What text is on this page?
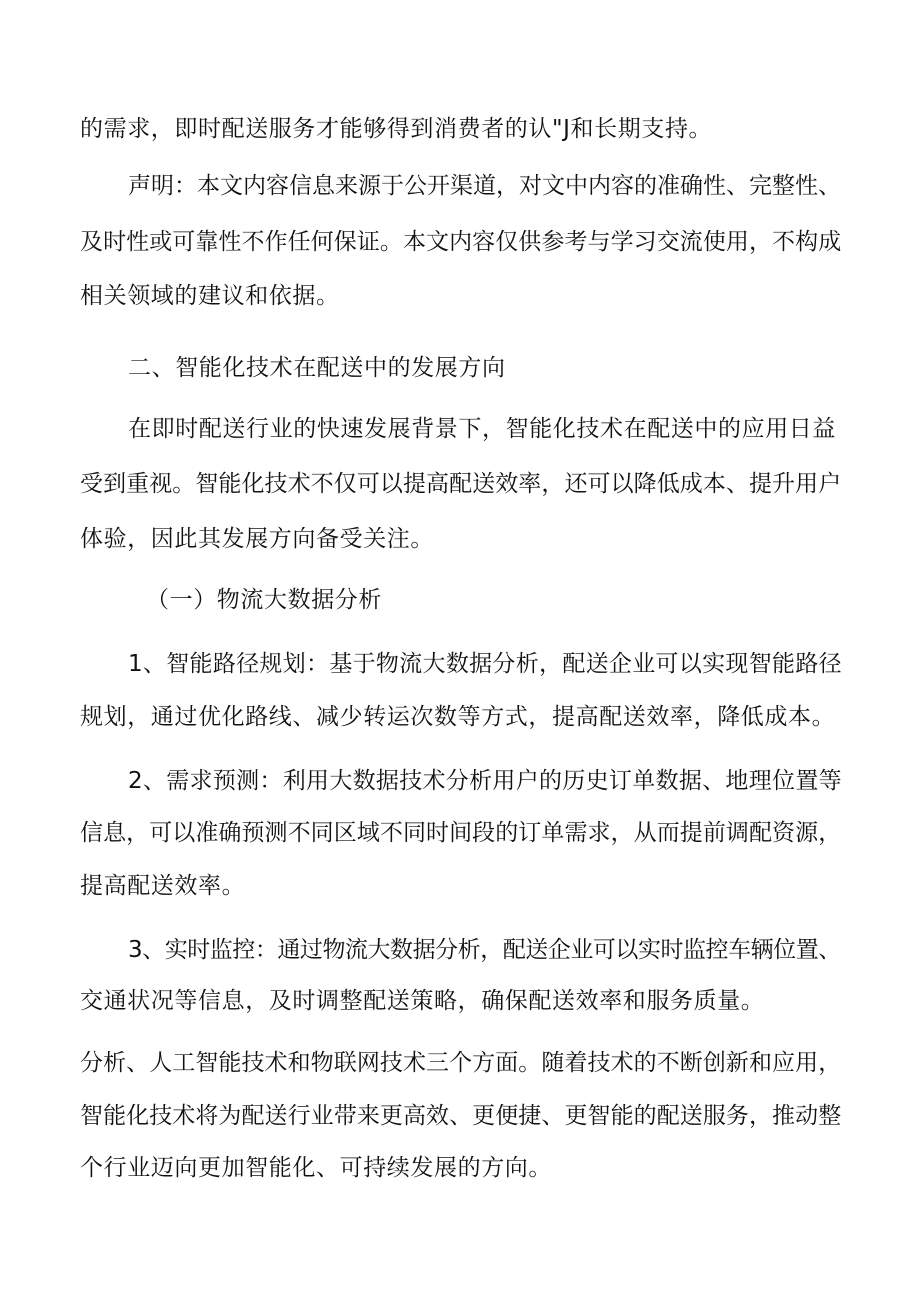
的需求，即时配送服务才能够得到消费者的认"J和长期支持。
声明：本文内容信息来源于公开渠道，对文中内容的准确性、完整性、
及时性或可靠性不作任何保证。本文内容仅供参考与学习交流使用，不构成
相关领域的建议和依据。
二、智能化技术在配送中的发展方向
在即时配送行业的快速发展背景下，智能化技术在配送中的应用日益
受到重视。智能化技术不仅可以提高配送效率，还可以降低成本、提升用户
体验，因此其发展方向备受关注。
（一）物流大数据分析
1、智能路径规划：基于物流大数据分析，配送企业可以实现智能路径
规划，通过优化路线、减少转运次数等方式，提高配送效率，降低成本。
2、需求预测：利用大数据技术分析用户的历史订单数据、地理位置等
信息，可以准确预测不同区域不同时间段的订单需求，从而提前调配资源，
提高配送效率。
3、实时监控：通过物流大数据分析，配送企业可以实时监控车辆位置、
交通状况等信息，及时调整配送策略，确保配送效率和服务质量。
分析、人工智能技术和物联网技术三个方面。随着技术的不断创新和应用，
智能化技术将为配送行业带来更高效、更便捷、更智能的配送服务，推动整
个行业迈向更加智能化、可持续发展的方向。
